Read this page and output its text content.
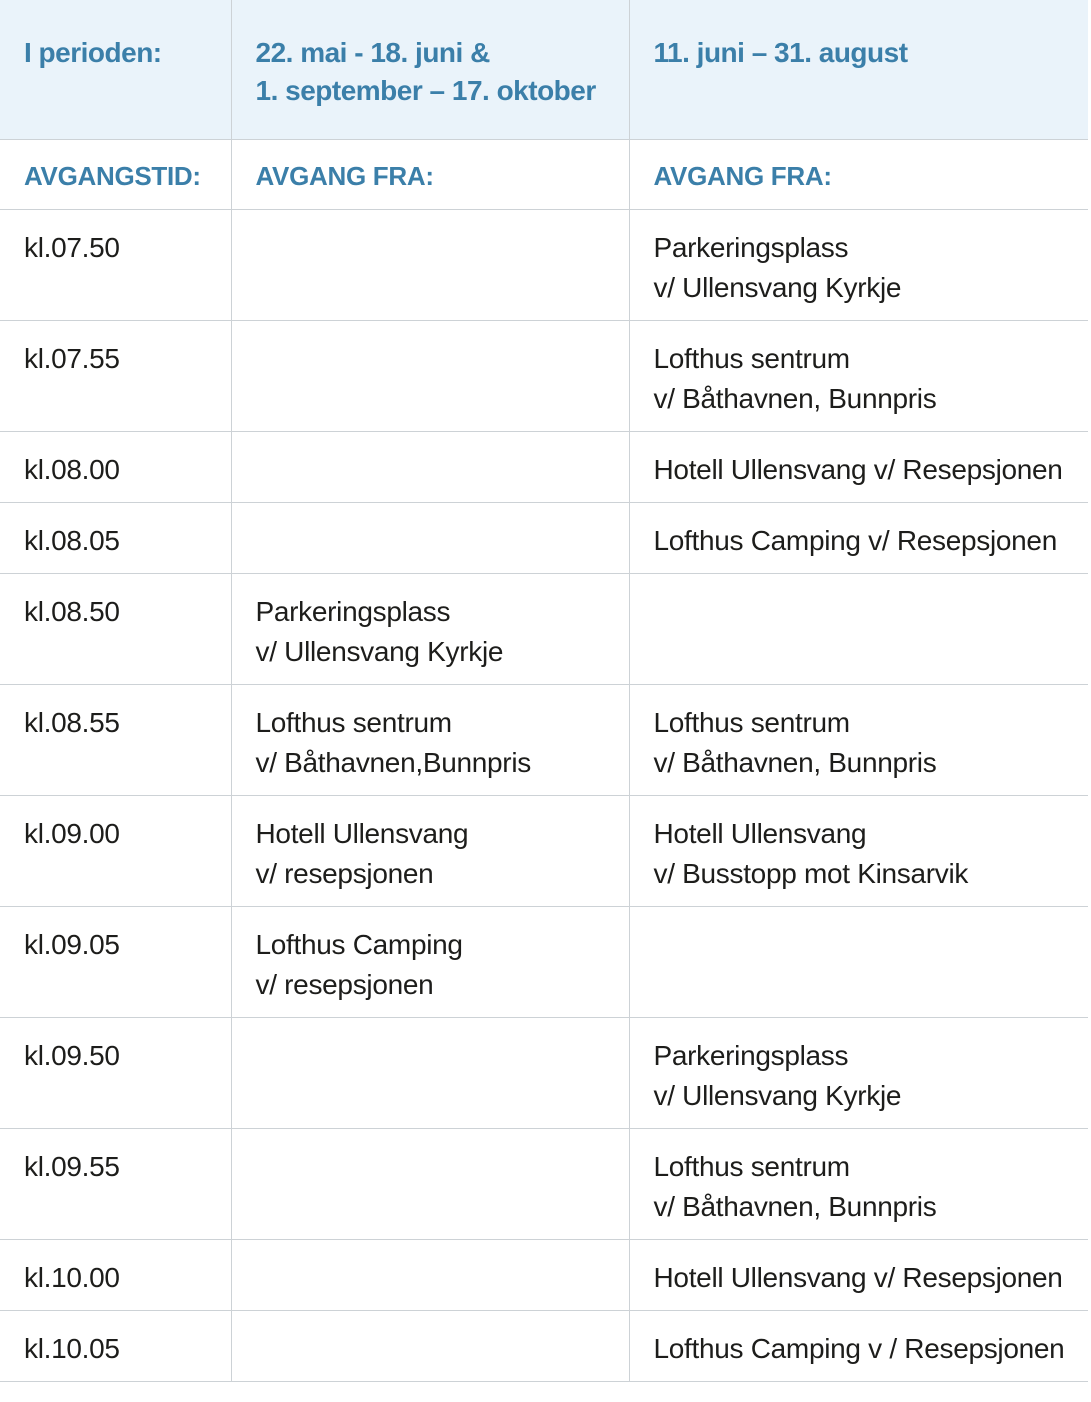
I perioden:	22. mai - 18. juni &
1. september – 17. oktober	11. juni – 31. august

AVGANGSTID:	AVGANG FRA:	AVGANG FRA:

kl.07.50		Parkeringsplass
v/ Ullensvang Kyrkje

kl.07.55		Lofthus sentrum
v/ Båthavnen, Bunnpris

kl.08.00		Hotell Ullensvang v/ Resepsjonen

kl.08.05		Lofthus Camping v/ Resepsjonen

kl.08.50	Parkeringsplass
v/ Ullensvang Kyrkje	

kl.08.55	Lofthus sentrum
v/ Båthavnen,Bunnpris	Lofthus sentrum
v/ Båthavnen, Bunnpris

kl.09.00	Hotell Ullensvang
v/ resepsjonen	Hotell Ullensvang
v/ Busstopp mot Kinsarvik

kl.09.05	Lofthus Camping
v/ resepsjonen	

kl.09.50		Parkeringsplass
v/ Ullensvang Kyrkje

kl.09.55		Lofthus sentrum
v/ Båthavnen, Bunnpris

kl.10.00		Hotell Ullensvang v/ Resepsjonen

kl.10.05		Lofthus Camping v / Resepsjonen
